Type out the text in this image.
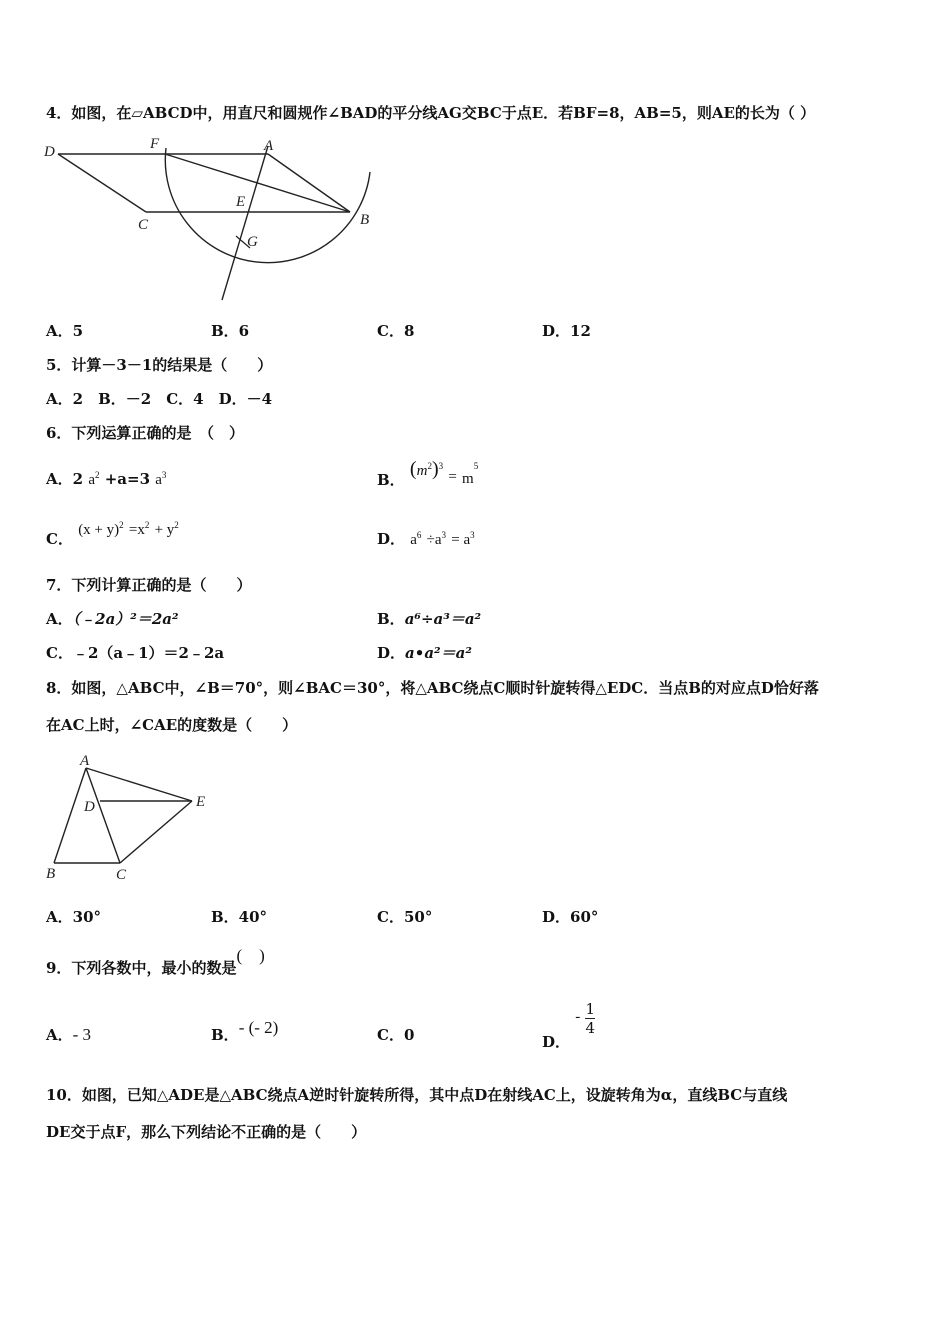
4．如图，在▱ABCD中，用直尺和圆规作∠BAD的平分线AG交BC于点E．若BF=8，AB=5，则AE的长为（ ）
D	F	A
E
C	B
G
A．5	B．6	C．8	D．12
5．计算－3－1的结果是（　　）
A．2　B．－2　C．4　D．－4
6．下列运算正确的是　（　）
A．2 $a^2 +a=3$ $a^3$	B． $(m^2)^3 = m^5$
C． $(x + y)^2 =x^2 + y^2$
D． $a^6 \div a^3 = a^3$
7．下列计算正确的是（　　）
A．（﹣2a）²＝2a²	B．a⁶÷a³＝a²
C．﹣2（a﹣1）＝2﹣2a	D．a•a²＝a²
8．如图，△ABC中，∠B＝70°，则∠BAC＝30°，将△ABC绕点C顺时针旋转得△EDC．当点B的对应点D恰好落
在AC上时，∠CAE的度数是（　　）
A
D	E
B	C
A．30°	B．40°	C．50°	D．60°
9．下列各数中，最小的数是(　)
A．- 3	B．- (- 2)	C．0	D． - $\frac{1}{4}$
10．如图，已知△ADE是△ABC绕点A逆时针旋转所得，其中点D在射线AC上，设旋转角为α，直线BC与直线
DE交于点F，那么下列结论不正确的是（　　）
